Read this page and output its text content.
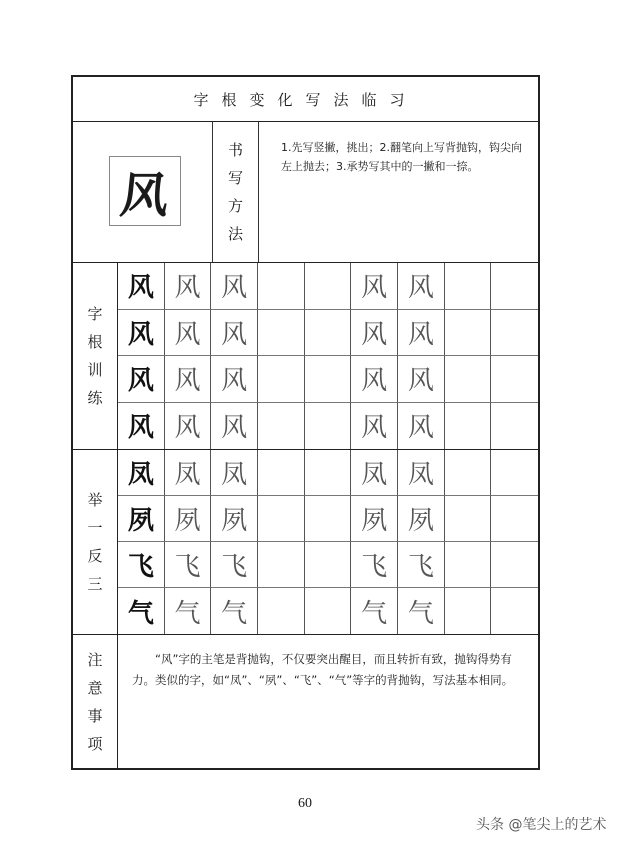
字根变化写法临习
风
书
写
方
法
1.先写竖撇，挑出；2.翻笔向上写背抛钩，钩尖向左上抛去；3.承势写其中的一撇和一捺。
字
根
训
练
风 风 风	风 风
风 风 风	风 风
风 风 风	风 风
风 风 风	风 风
举
一
反
三
凤 凤 凤	凤 凤
夙 夙 夙	夙 夙
飞 飞 飞	飞 飞
气 气 气	气 气
注
意
事
项
“风”字的主笔是背抛钩，不仅要突出醒目，而且转折有致，抛钩得势有力。类似的字，如“凤”、“夙”、“飞”、“气”等字的背抛钩，写法基本相同。
60
头条 @笔尖上的艺术
